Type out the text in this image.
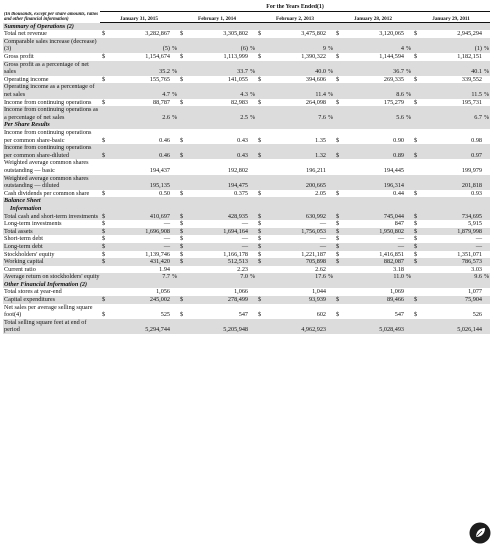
	For the Years Ended(1)														
(In thousands, except per share amounts, ratios and other financial information)	January 31, 2015			February 1, 2014			February 2, 2013			January 28, 2012			January 29, 2011		
Summary of Operations (2)															
Total net revenue	$	3,282,867		$	3,305,802		$	3,475,802		$	3,120,065		$	2,945,294	
Comparable sales increase (decrease)(3)		(5)	%		(6)	%		9	%		4	%		(1)	%
Gross profit	$	1,154,674		$	1,113,999		$	1,390,322		$	1,144,594		$	1,182,151	
Gross profit as a percentage of net sales		35.2	%		33.7	%		40.0	%		36.7	%		40.1	%
Operating income	$	155,765		$	141,055		$	394,606		$	269,335		$	339,552	
Operating income as a percentage of net sales		4.7	%		4.3	%		11.4	%		8.6	%		11.5	%
Income from continuing operations	$	88,787		$	82,983		$	264,098		$	175,279		$	195,731	
Income from continuing operations as a percentage of net sales		2.6	%		2.5	%		7.6	%		5.6	%		6.7	%
Per Share Results															
Income from continuing operations per common share-basic	$	0.46		$	0.43		$	1.35		$	0.90		$	0.98	
Income from continuing operations per common share-diluted	$	0.46		$	0.43		$	1.32		$	0.89		$	0.97	
Weighted average common shares outstanding — basic		194,437			192,802			196,211			194,445			199,979	
Weighted average common shares outstanding — diluted		195,135			194,475			200,665			196,314			201,818	
Cash dividends per common share	$	0.50		$	0.375		$	2.05		$	0.44		$	0.93	
Balance Sheet															
Information															
Total cash and short-term investments	$	410,697		$	428,935		$	630,992		$	745,044		$	734,695	
Long-term investments	$	—		$	—		$	—		$	847		$	5,915	
Total assets	$	1,696,908		$	1,694,164		$	1,756,053		$	1,950,802		$	1,879,998	
Short-term debt	$	—		$	—		$	—		$	—		$	—	
Long-term debt	$	—		$	—		$	—		$	—		$	—	
Stockholders' equity	$	1,139,746		$	1,166,178		$	1,221,187		$	1,416,851		$	1,351,071	
Working capital	$	431,420		$	512,513		$	705,898		$	882,087		$	786,573	
Current ratio		1.94			2.23			2.62			3.18			3.03	
Average return on stockholders' equity		7.7	%		7.0	%		17.6	%		11.0	%		9.6	%
Other Financial Information (2)															
Total stores at year-end		1,056			1,066			1,044			1,069			1,077	
Capital expenditures	$	245,002		$	278,499		$	93,939		$	89,466		$	75,904	
Net sales per average selling square foot(4)	$	525		$	547		$	602		$	547		$	526	
Total selling square feet at end of period		5,294,744			5,205,948			4,962,923			5,028,493			5,026,144	
